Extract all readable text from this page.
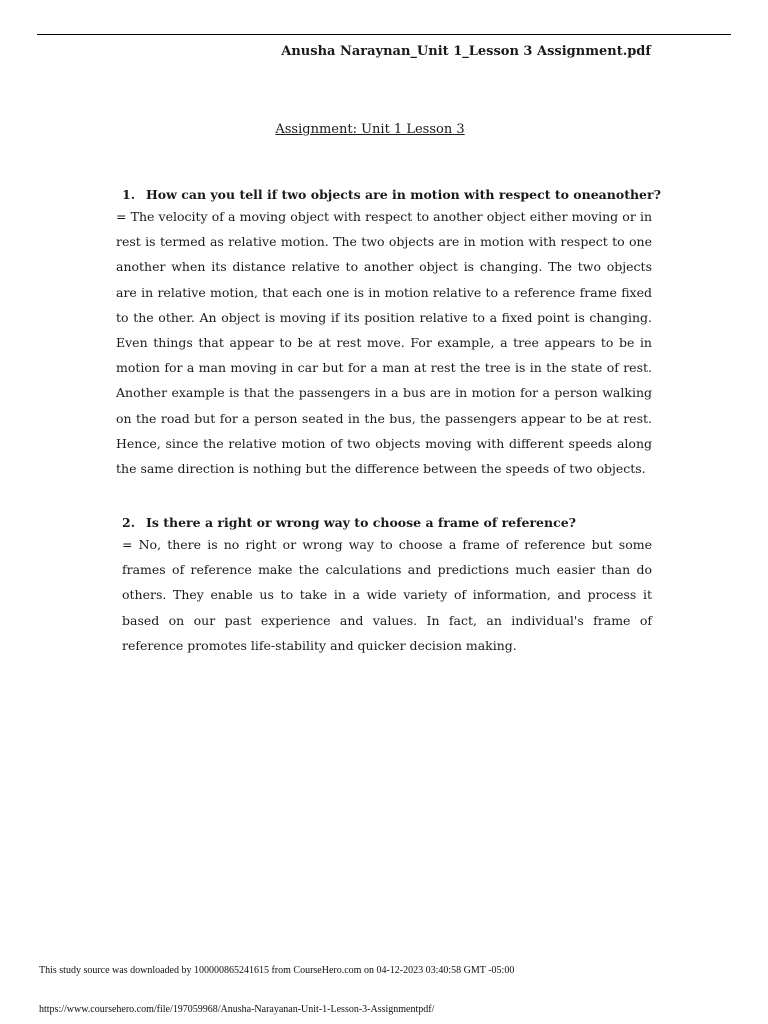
Anusha Naraynan_Unit 1_Lesson 3 Assignment.pdf
Assignment: Unit 1 Lesson 3
1. How can you tell if two objects are in motion with respect to oneanother?

= The velocity of a moving object with respect to another object either moving or in rest is termed as relative motion. The two objects are in motion with respect to one another when its distance relative to another object is changing. The two objects are in relative motion, that each one is in motion relative to a reference frame fixed to the other. An object is moving if its position relative to a fixed point is changing. Even things that appear to be at rest move. For example, a tree appears to be in motion for a man moving in car but for a man at rest the tree is in the state of rest. Another example is that the passengers in a bus are in motion for a person walking on the road but for a person seated in the bus, the passengers appear to be at rest. Hence, since the relative motion of two objects moving with different speeds along the same direction is nothing but the difference between the speeds of two objects.

2. Is there a right or wrong way to choose a frame of reference?

= No, there is no right or wrong way to choose a frame of reference but some frames of reference make the calculations and predictions much easier than do others. They enable us to take in a wide variety of information, and process it based on our past experience and values. In fact, an individual's frame of reference promotes life-stability and quicker decision making.

This study source was downloaded by 100000865241615 from CourseHero.com on 04-12-2023 03:40:58 GMT -05:00
https://www.coursehero.com/file/197059968/Anusha-Narayanan-Unit-1-Lesson-3-Assignmentpdf/
